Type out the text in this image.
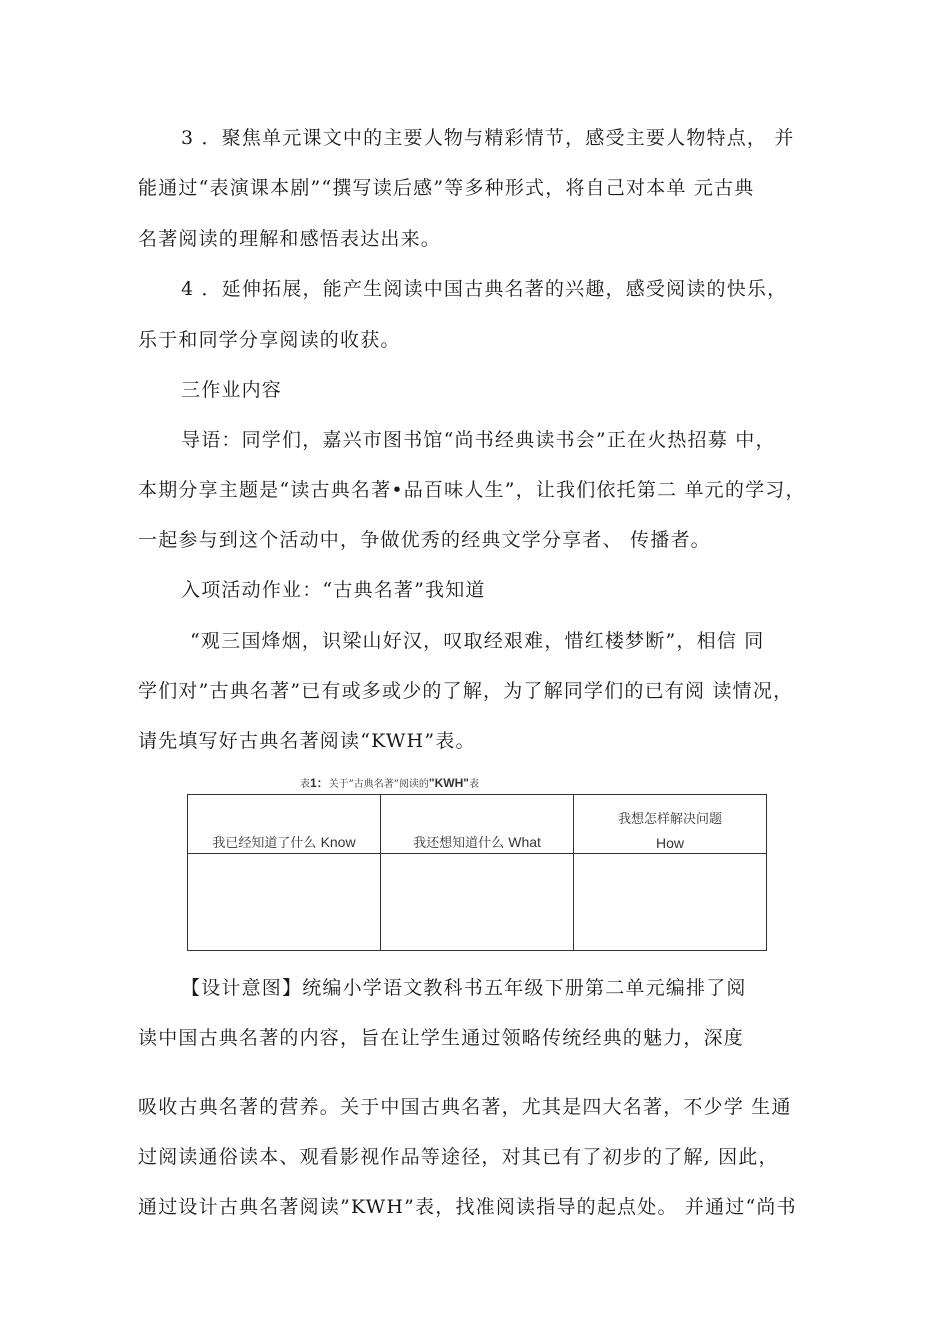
3 ．聚焦单元课文中的主要人物与精彩情节，感受主要人物特点， 并
能通过“表演课本剧”“撰写读后感”等多种形式，将自己对本单 元古典
名著阅读的理解和感悟表达出来。
4 ．延伸拓展，能产生阅读中国古典名著的兴趣，感受阅读的快乐，
乐于和同学分享阅读的收获。
三作业内容
导语：同学们，嘉兴市图书馆“尚书经典读书会”正在火热招募 中，
本期分享主题是“读古典名著•品百味人生”，让我们依托第二 单元的学习，
一起参与到这个活动中，争做优秀的经典文学分享者、 传播者。
入项活动作业：“古典名著”我知道
“观三国烽烟，识梁山好汉，叹取经艰难，惜红楼梦断”，相信 同
学们对”古典名著”已有或多或少的了解，为了解同学们的已有阅 读情况，
请先填写好古典名著阅读“KWH”表。
表1：关于”古典名著”阅读的"KWH"表
我已经知道了什么 Know	我还想知道什么 What	我想怎样解决问题
How

【设计意图】统编小学语文教科书五年级下册第二单元编排了阅
读中国古典名著的内容，旨在让学生通过领略传统经典的魅力，深度
吸收古典名著的营养。关于中国古典名著，尤其是四大名著，不少学 生通
过阅读通俗读本、观看影视作品等途径，对其已有了初步的了解, 因此，
通过设计古典名著阅读”KWH”表，找准阅读指导的起点处。 并通过“尚书
